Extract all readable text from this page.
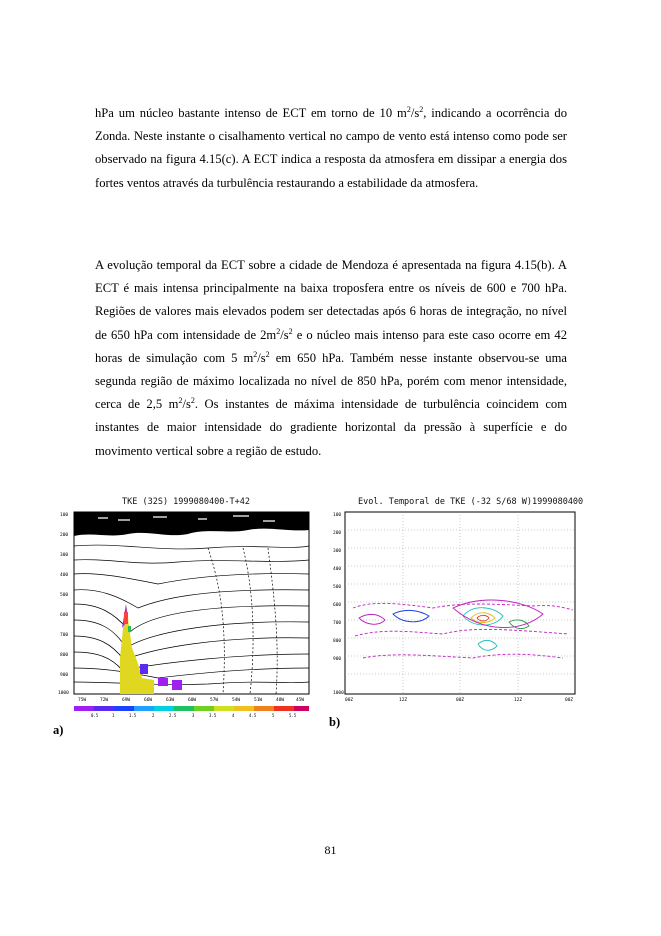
hPa um núcleo bastante intenso de ECT em torno de 10 $m^2/s^2$, indicando a ocorrência do Zonda. Neste instante o cisalhamento vertical no campo de vento está intenso como pode ser observado na figura 4.15(c). A ECT indica a resposta da atmosfera em dissipar a energia dos fortes ventos através da turbulência restaurando a estabilidade da atmosfera.

A evolução temporal da ECT sobre a cidade de Mendoza é apresentada na figura 4.15(b). A ECT é mais intensa principalmente na baixa troposfera entre os níveis de 600 e 700 hPa. Regiões de valores mais elevados podem ser detectadas após 6 horas de integração, no nível de 650 hPa com intensidade de $2m^2/s^2$ e o núcleo mais intenso para este caso ocorre em 42 horas de simulação com 5 $m^2/s^2$ em 650 hPa. Também nesse instante observou-se uma segunda região de máximo localizada no nível de 850 hPa, porém com menor intensidade, cerca de 2,5 $m^2/s^2$. Os instantes de máxima intensidade de turbulência coincidem com instantes de maior intensidade do gradiente horizontal da pressão à superfície e do movimento vertical sobre a região de estudo.

TKE (32S) 1999080400-T+42	Evol. Temporal de TKE (-32 S/68 W)1999080400
100
200
300
400
500
600
700
800
900
1000
75W	72W	69W	66W	63W	60W	57W	54W	51W	48W	45W
0.5	1	1.5	2	2.5	3	3.5	4	4.5	5	5.5
100
200
300
400
500
600
700
800
900
1000
00Z	12Z	00Z	12Z	00Z
a)
b)
81
